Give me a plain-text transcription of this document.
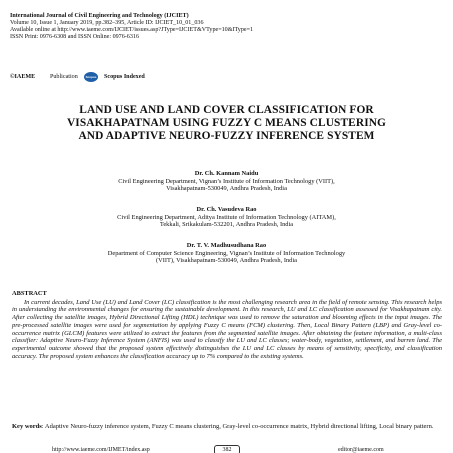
International Journal of Civil Engineering and Technology (IJCIET)
Volume 10, Issue 1, January 2019, pp.382–395, Article ID: IJCIET_10_01_036
Available online at http://www.iaeme.com/IJCIET/issues.asp?JType=IJCIET&VType=10&IType=1
ISSN Print: 0976-6308 and ISSN Online: 0976-6316
©IAEME Publication	Scopus Scopus Indexed
LAND USE AND LAND COVER CLASSIFICATION FOR VISAKHAPATNAM USING FUZZY C MEANS CLUSTERING AND ADAPTIVE NEURO-FUZZY INFERENCE SYSTEM
Dr. Ch. Kannam Naidu
Civil Engineering Department, Vignan’s Institute of Information Technology (VIIT),
Visakhapatnam-530049, Andhra Pradesh, India
Dr. Ch. Vasudeva Rao
Civil Engineering Department, Aditya Institute of Information Technology (AITAM),
Tekkali, Srikakulam-532201, Andhra Pradesh, India
Dr. T. V. Madhusudhana Rao
Department of Computer Science Engineering, Vignan’s Institute of Information Technology
(VIIT), Visakhapatnam-530049, Andhra Pradesh, India
ABSTRACT
In current decades, Land Use (LU) and Land Cover (LC) classification is the most challenging research area in the field of remote sensing. This research helps in understanding the environmental changes for ensuring the sustainable development. In this research, LU and LC classification assessed for Visakhapatnam city. After collecting the satellite images, Hybrid Directional Lifting (HDL) technique was used to remove the saturation and blooming effects in the input images. The pre-processed satellite images were used for segmentation by applying Fuzzy C means (FCM) clustering. Then, Local Binary Pattern (LBP) and Gray-level co-occurrence matrix (GLCM) features were utilized to extract the features from the segmented satellite images. After obtaining the feature information, a multi-class classifier: Adaptive Neuro-Fuzzy Inference System (ANFIS) was used to classify the LU and LC classes; water-body, vegetation, settlement, and barren land. The experimental outcome showed that the proposed system effectively distinguishes the LU and LC classes by means of sensitivity, specificity, and classification accuracy. The proposed system enhances the classification accuracy up to 7% compared to the existing systems.
Key words: Adaptive Neuro-fuzzy inference system, Fuzzy C means clustering, Gray-level co-occurrence matrix, Hybrid directional lifting, Local binary pattern.
http://www.iaeme.com/IJMET/index.asp	382	editor@iaeme.com
